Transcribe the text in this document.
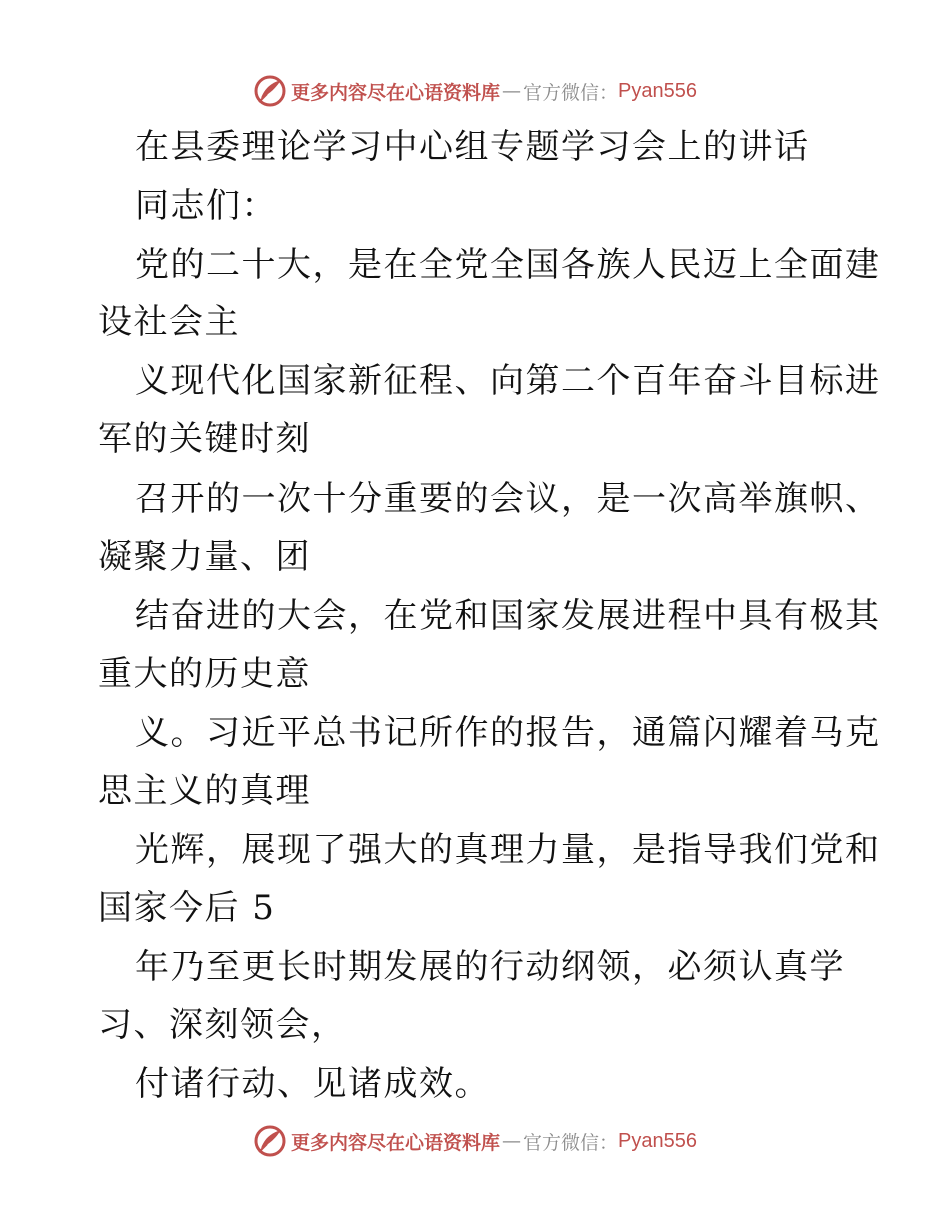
更多内容尽在心语资料库 — 官方微信： Pyan556
在县委理论学习中心组专题学习会上的讲话
同志们：
党的二十大，是在全党全国各族人民迈上全面建
设社会主
义现代化国家新征程、向第二个百年奋斗目标进
军的关键时刻
召开的一次十分重要的会议，是一次高举旗帜、
凝聚力量、团
结奋进的大会，在党和国家发展进程中具有极其
重大的历史意
义。习近平总书记所作的报告，通篇闪耀着马克
思主义的真理
光辉，展现了强大的真理力量，是指导我们党和
国家今后 5
年乃至更长时期发展的行动纲领，必须认真学
习、深刻领会，
付诸行动、见诸成效。
更多内容尽在心语资料库 — 官方微信： Pyan556
